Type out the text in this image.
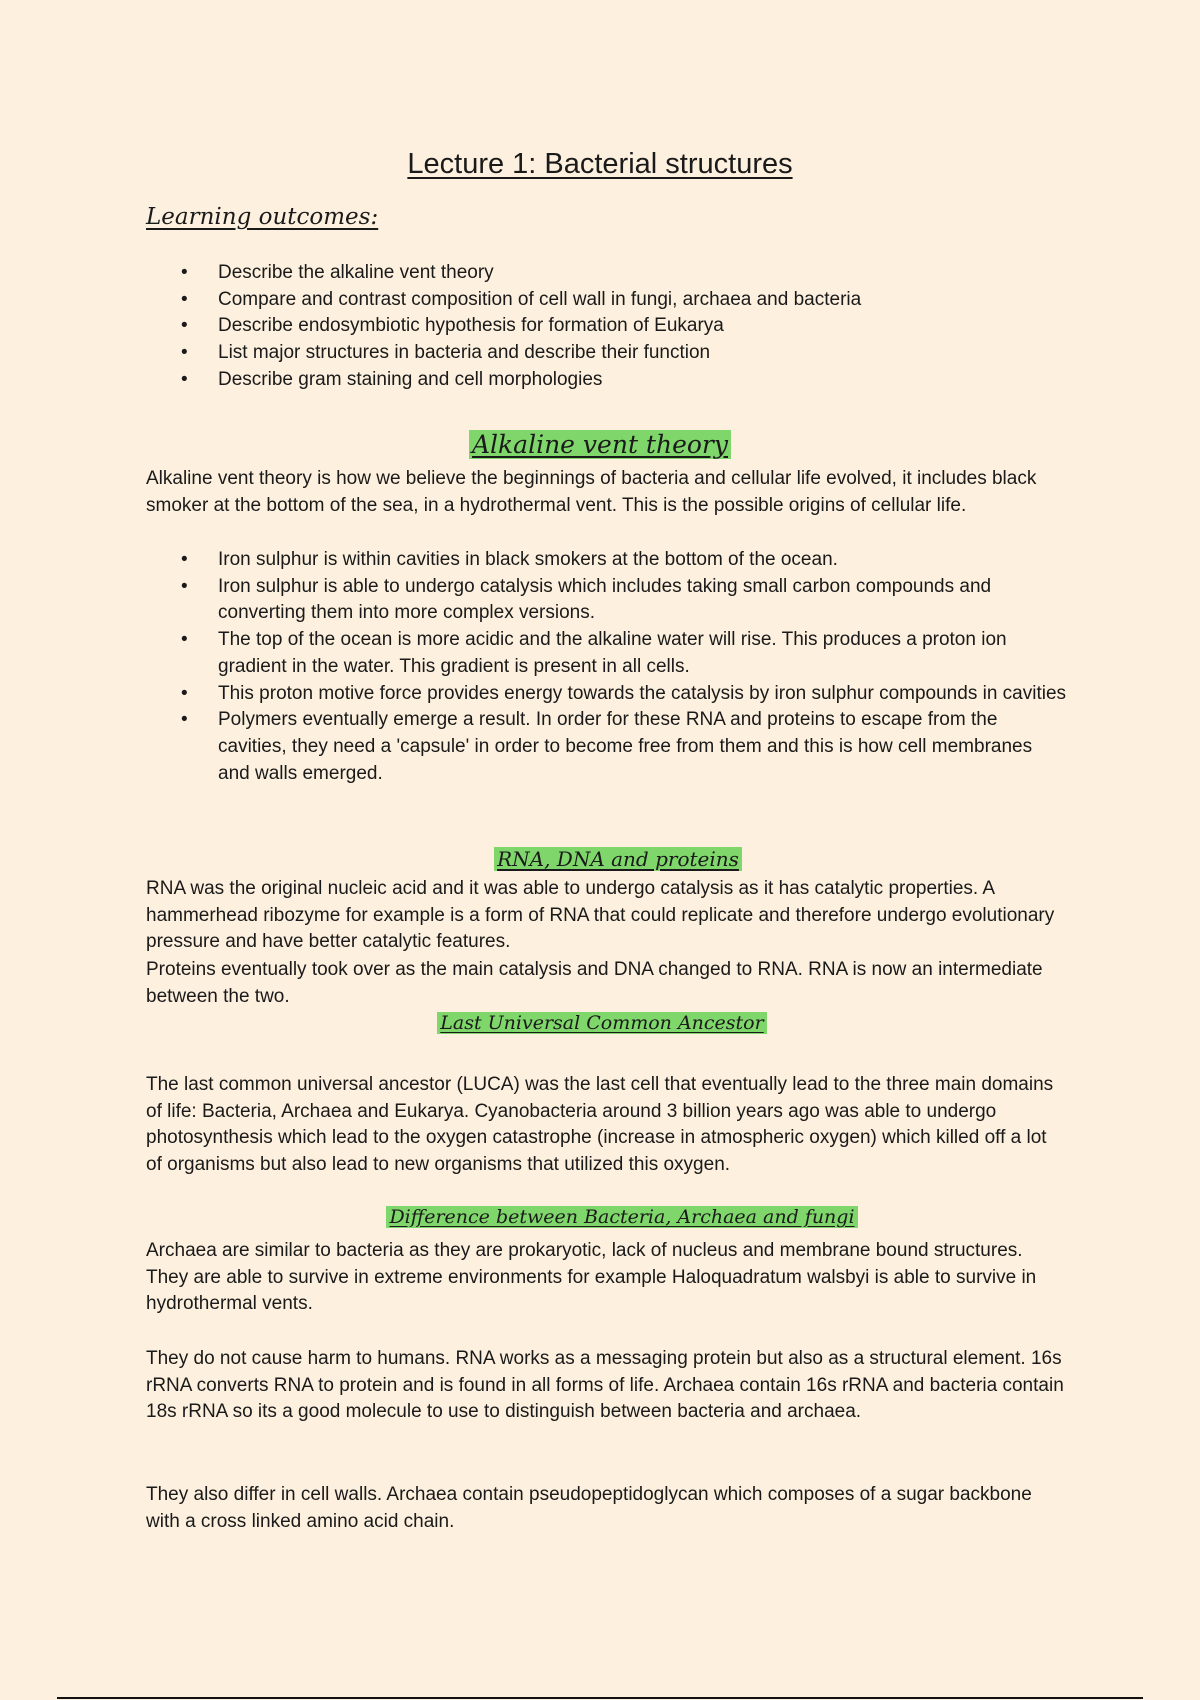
Lecture 1: Bacterial structures
Learning outcomes:
• Describe the alkaline vent theory
• Compare and contrast composition of cell wall in fungi, archaea and bacteria
• Describe endosymbiotic hypothesis for formation of Eukarya
• List major structures in bacteria and describe their function
• Describe gram staining and cell morphologies
Alkaline vent theory

Alkaline vent theory is how we believe the beginnings of bacteria and cellular life evolved, it includes black smoker at the bottom of the sea, in a hydrothermal vent. This is the possible origins of cellular life.

• Iron sulphur is within cavities in black smokers at the bottom of the ocean.
• Iron sulphur is able to undergo catalysis which includes taking small carbon compounds and converting them into more complex versions.
• The top of the ocean is more acidic and the alkaline water will rise. This produces a proton ion gradient in the water. This gradient is present in all cells.
• This proton motive force provides energy towards the catalysis by iron sulphur compounds in cavities
• Polymers eventually emerge a result. In order for these RNA and proteins to escape from the cavities, they need a 'capsule' in order to become free from them and this is how cell membranes and walls emerged.
RNA, DNA and proteins

RNA was the original nucleic acid and it was able to undergo catalysis as it has catalytic properties. A hammerhead ribozyme for example is a form of RNA that could replicate and therefore undergo evolutionary pressure and have better catalytic features.

Proteins eventually took over as the main catalysis and DNA changed to RNA. RNA is now an intermediate between the two.

Last Universal Common Ancestor

The last common universal ancestor (LUCA) was the last cell that eventually lead to the three main domains of life: Bacteria, Archaea and Eukarya. Cyanobacteria around 3 billion years ago was able to undergo photosynthesis which lead to the oxygen catastrophe (increase in atmospheric oxygen) which killed off a lot of organisms but also lead to new organisms that utilized this oxygen.

Difference between Bacteria, Archaea and fungi

Archaea are similar to bacteria as they are prokaryotic, lack of nucleus and membrane bound structures. They are able to survive in extreme environments for example Haloquadratum walsbyi is able to survive in hydrothermal vents.

They do not cause harm to humans. RNA works as a messaging protein but also as a structural element. 16s rRNA converts RNA to protein and is found in all forms of life. Archaea contain 16s rRNA and bacteria contain 18s rRNA so its a good molecule to use to distinguish between bacteria and archaea.

They also differ in cell walls. Archaea contain pseudopeptidoglycan which composes of a sugar backbone with a cross linked amino acid chain.
